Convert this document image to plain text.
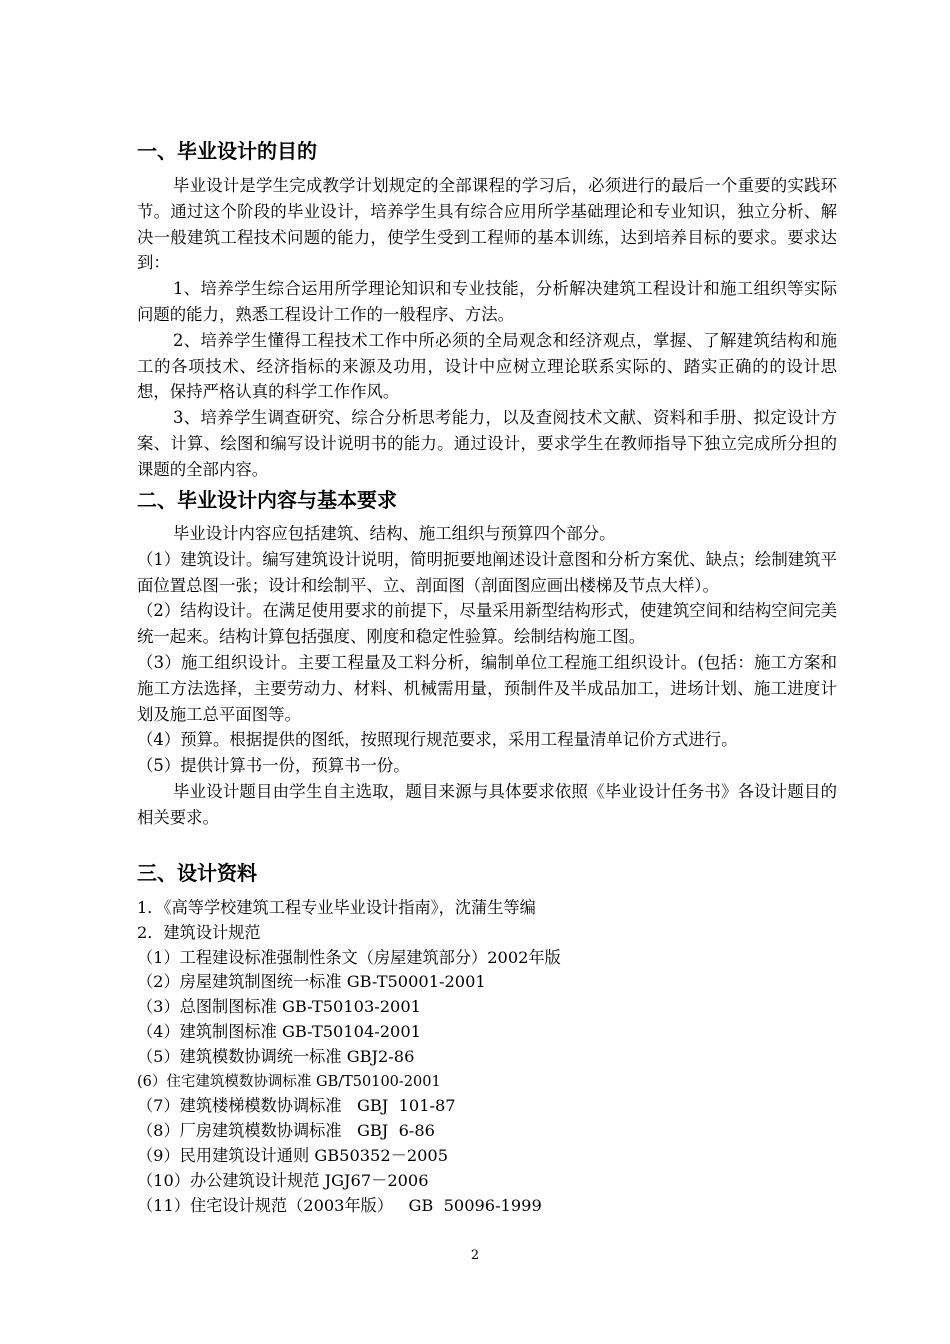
一、毕业设计的目的

毕业设计是学生完成教学计划规定的全部课程的学习后，必须进行的最后一个重要的实践环节。通过这个阶段的毕业设计，培养学生具有综合应用所学基础理论和专业知识，独立分析、解决一般建筑工程技术问题的能力，使学生受到工程师的基本训练，达到培养目标的要求。要求达到：

1、培养学生综合运用所学理论知识和专业技能，分析解决建筑工程设计和施工组织等实际问题的能力，熟悉工程设计工作的一般程序、方法。

2、培养学生懂得工程技术工作中所必须的全局观念和经济观点，掌握、了解建筑结构和施工的各项技术、经济指标的来源及功用，设计中应树立理论联系实际的、踏实正确的的设计思想，保持严格认真的科学工作作风。

3、培养学生调查研究、综合分析思考能力，以及查阅技术文献、资料和手册、拟定设计方案、计算、绘图和编写设计说明书的能力。通过设计，要求学生在教师指导下独立完成所分担的课题的全部内容。

二、毕业设计内容与基本要求

毕业设计内容应包括建筑、结构、施工组织与预算四个部分。

（1）建筑设计。编写建筑设计说明，简明扼要地阐述设计意图和分析方案优、缺点；绘制建筑平面位置总图一张；设计和绘制平、立、剖面图（剖面图应画出楼梯及节点大样）。

（2）结构设计。在满足使用要求的前提下，尽量采用新型结构形式，使建筑空间和结构空间完美统一起来。结构计算包括强度、刚度和稳定性验算。绘制结构施工图。

（3）施工组织设计。主要工程量及工料分析，编制单位工程施工组织设计。(包括：施工方案和施工方法选择，主要劳动力、材料、机械需用量，预制件及半成品加工，进场计划、施工进度计划及施工总平面图等。

（4）预算。根据提供的图纸，按照现行规范要求，采用工程量清单记价方式进行。

（5）提供计算书一份，预算书一份。

毕业设计题目由学生自主选取，题目来源与具体要求依照《毕业设计任务书》各设计题目的相关要求。

三、设计资料
1．《高等学校建筑工程专业毕业设计指南》，沈蒲生等编
2．建筑设计规范
（1）工程建设标准强制性条文（房屋建筑部分）2002年版
（2）房屋建筑制图统一标准 GB-T50001-2001
（3）总图制图标准 GB-T50103-2001
（4）建筑制图标准 GB-T50104-2001
（5）建筑模数协调统一标准 GBJ2-86
(6）住宅建筑模数协调标准 GB/T50100-2001
（7）建筑楼梯模数协调标准   GBJ  101-87
（8）厂房建筑模数协调标准   GBJ  6-86
（9）民用建筑设计通则 GB50352－2005
（10）办公建筑设计规范 JGJ67－2006
（11）住宅设计规范（2003年版）   GB  50096-1999
2
